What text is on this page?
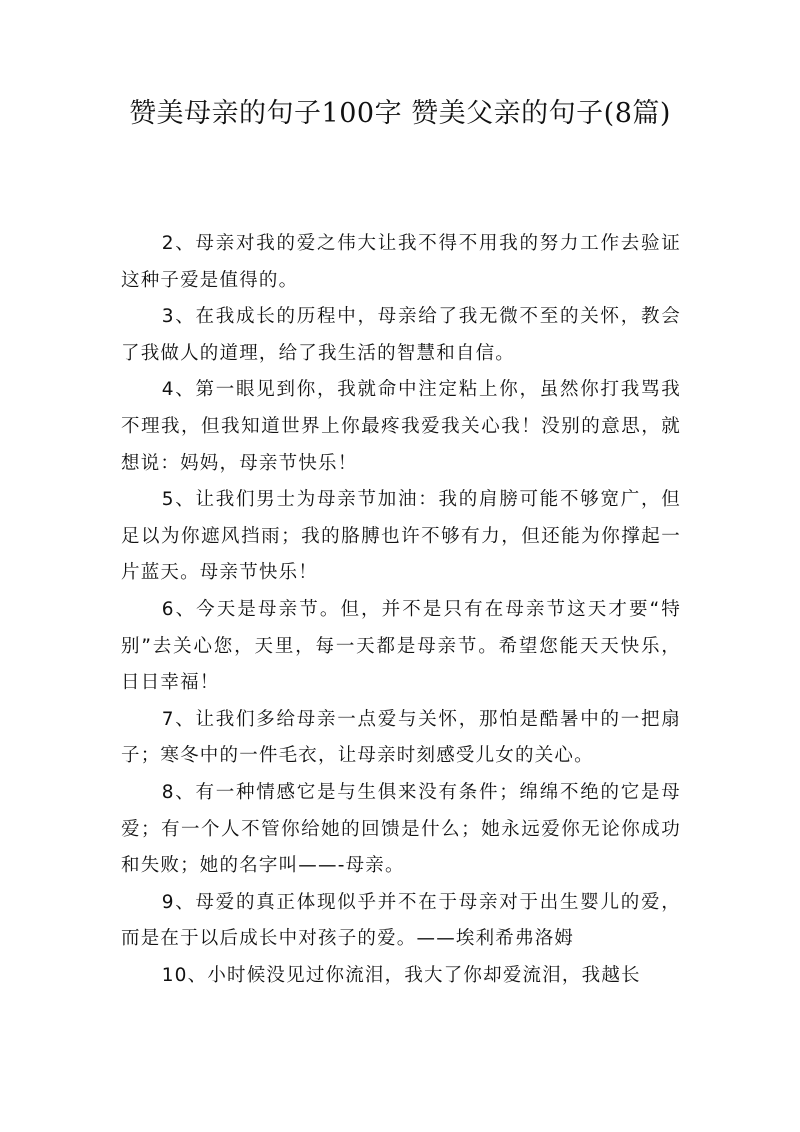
赞美母亲的句子100字 赞美父亲的句子(8篇)

2、母亲对我的爱之伟大让我不得不用我的努力工作去验证这种子爱是值得的。

3、在我成长的历程中，母亲给了我无微不至的关怀，教会了我做人的道理，给了我生活的智慧和自信。

4、第一眼见到你，我就命中注定粘上你，虽然你打我骂我不理我，但我知道世界上你最疼我爱我关心我！没别的意思，就想说：妈妈，母亲节快乐！

5、让我们男士为母亲节加油：我的肩膀可能不够宽广，但足以为你遮风挡雨；我的胳膊也许不够有力，但还能为你撑起一片蓝天。母亲节快乐！

6、今天是母亲节。但，并不是只有在母亲节这天才要“特别”去关心您，天里，每一天都是母亲节。希望您能天天快乐，日日幸福！

7、让我们多给母亲一点爱与关怀，那怕是酷暑中的一把扇子；寒冬中的一件毛衣，让母亲时刻感受儿女的关心。

8、有一种情感它是与生俱来没有条件；绵绵不绝的它是母爱；有一个人不管你给她的回馈是什么；她永远爱你无论你成功和失败；她的名字叫——-母亲。

9、母爱的真正体现似乎并不在于母亲对于出生婴儿的爱，而是在于以后成长中对孩子的爱。——埃利希弗洛姆

10、小时候没见过你流泪，我大了你却爱流泪，我越长
